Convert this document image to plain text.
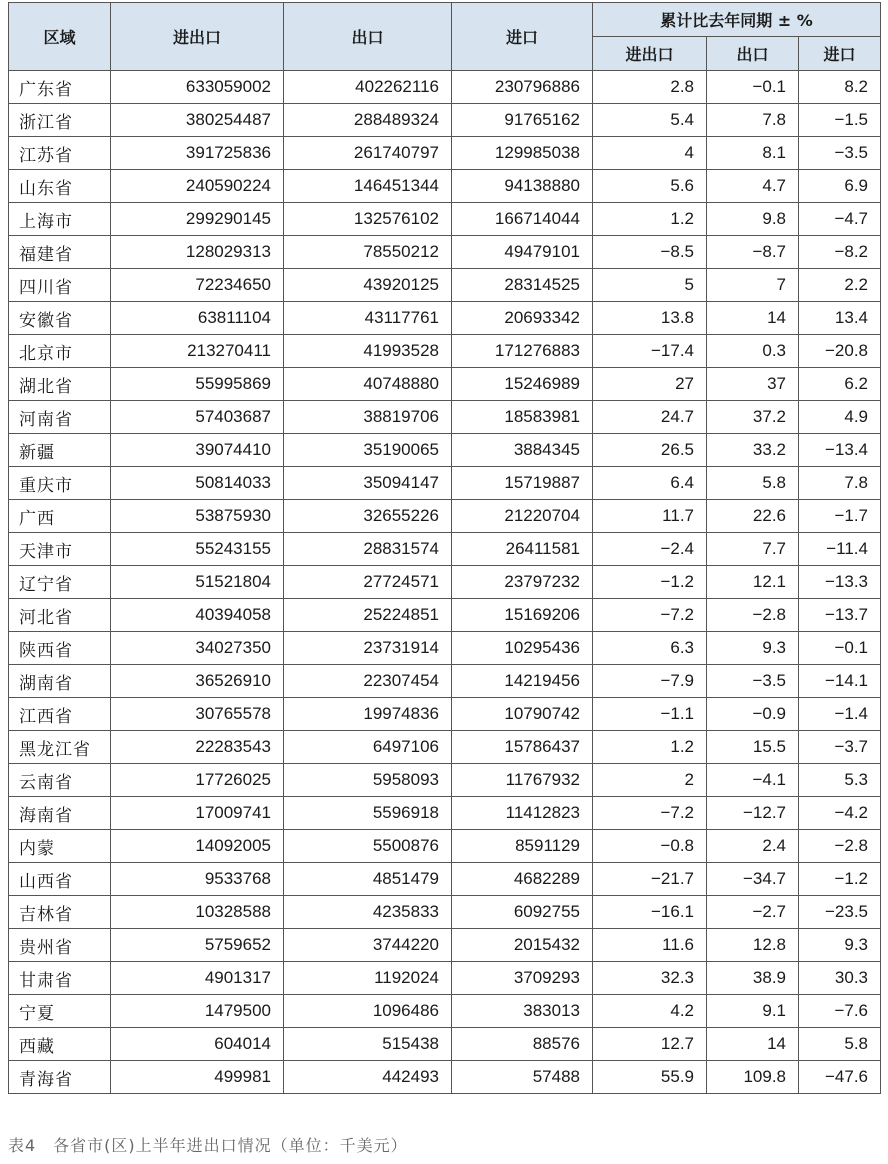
区域	进出口	出口	进口	累计比去年同期 ± %		
				进出口	出口	进口
广东省	633059002	402262116	230796886	2.8	−0.1	8.2
浙江省	380254487	288489324	91765162	5.4	7.8	−1.5
江苏省	391725836	261740797	129985038	4	8.1	−3.5
山东省	240590224	146451344	94138880	5.6	4.7	6.9
上海市	299290145	132576102	166714044	1.2	9.8	−4.7
福建省	128029313	78550212	49479101	−8.5	−8.7	−8.2
四川省	72234650	43920125	28314525	5	7	2.2
安徽省	63811104	43117761	20693342	13.8	14	13.4
北京市	213270411	41993528	171276883	−17.4	0.3	−20.8
湖北省	55995869	40748880	15246989	27	37	6.2
河南省	57403687	38819706	18583981	24.7	37.2	4.9
新疆	39074410	35190065	3884345	26.5	33.2	−13.4
重庆市	50814033	35094147	15719887	6.4	5.8	7.8
广西	53875930	32655226	21220704	11.7	22.6	−1.7
天津市	55243155	28831574	26411581	−2.4	7.7	−11.4
辽宁省	51521804	27724571	23797232	−1.2	12.1	−13.3
河北省	40394058	25224851	15169206	−7.2	−2.8	−13.7
陕西省	34027350	23731914	10295436	6.3	9.3	−0.1
湖南省	36526910	22307454	14219456	−7.9	−3.5	−14.1
江西省	30765578	19974836	10790742	−1.1	−0.9	−1.4
黑龙江省	22283543	6497106	15786437	1.2	15.5	−3.7
云南省	17726025	5958093	11767932	2	−4.1	5.3
海南省	17009741	5596918	11412823	−7.2	−12.7	−4.2
内蒙	14092005	5500876	8591129	−0.8	2.4	−2.8
山西省	9533768	4851479	4682289	−21.7	−34.7	−1.2
吉林省	10328588	4235833	6092755	−16.1	−2.7	−23.5
贵州省	5759652	3744220	2015432	11.6	12.8	9.3
甘肃省	4901317	1192024	3709293	32.3	38.9	30.3
宁夏	1479500	1096486	383013	4.2	9.1	−7.6
西藏	604014	515438	88576	12.7	14	5.8
青海省	499981	442493	57488	55.9	109.8	−47.6
表4　各省市(区)上半年进出口情况（单位：千美元）
